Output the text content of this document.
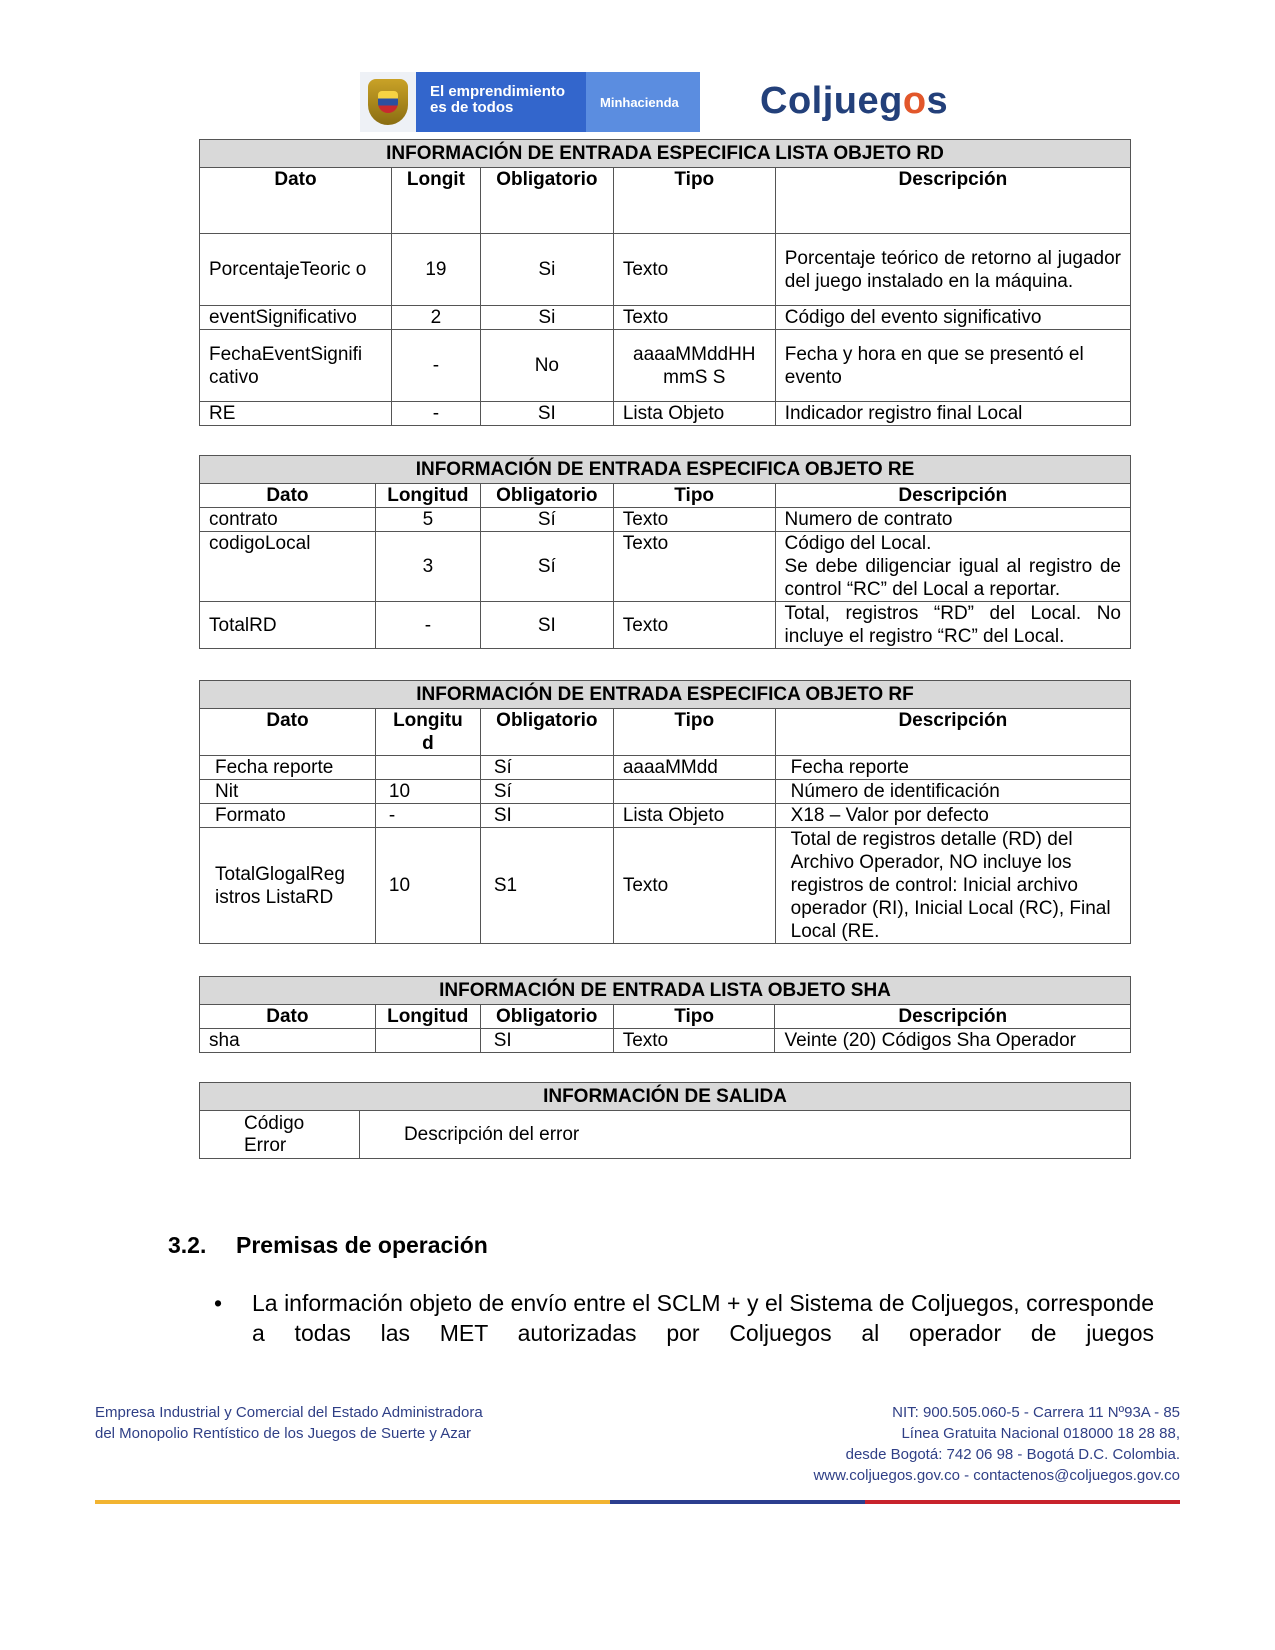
El emprendimiento
es de todos	Minhacienda	Coljuegos
INFORMACIÓN DE ENTRADA ESPECIFICA LISTA OBJETO RD				
Dato	Longit	Obligatorio	Tipo	Descripción
PorcentajeTeoric o	19	Si	Texto	Porcentaje teórico de retorno al jugador del juego instalado en la máquina.
eventSignificativo	2	Si	Texto	Código del evento significativo
FechaEventSignifi cativo	-	No	aaaaMMddHH mmS S	Fecha y hora en que se presentó el evento
RE	-	SI	Lista Objeto	Indicador registro final Local
INFORMACIÓN DE ENTRADA ESPECIFICA OBJETO RE				
Dato	Longitud	Obligatorio	Tipo	Descripción
contrato	5	Sí	Texto	Numero de contrato
codigoLocal	3	Sí	Texto	Código del Local.
Se debe diligenciar igual al registro de control “RC” del Local a reportar.

TotalRD	-	SI	Texto	Total, registros “RD” del Local. No incluye el registro “RC” del Local.
INFORMACIÓN DE ENTRADA ESPECIFICA OBJETO RF				
Dato	Longitu d	Obligatorio	Tipo	Descripción
Fecha reporte		Sí	aaaaMMdd	Fecha reporte
Nit	10	Sí		Número de identificación
Formato	-	SI	Lista Objeto	X18 – Valor por defecto
TotalGlogalReg istros ListaRD	10	S1	Texto	Total de registros detalle (RD) del Archivo Operador, NO incluye los registros de control: Inicial archivo operador (RI), Inicial Local (RC), Final Local (RE.
INFORMACIÓN DE ENTRADA LISTA OBJETO SHA				
Dato	Longitud	Obligatorio	Tipo	Descripción
sha		SI	Texto	Veinte (20) Códigos Sha Operador
INFORMACIÓN DE SALIDA
Código Error	Descripción del error
3.2. Premisas de operación
• La información objeto de envío entre el SCLM + y el Sistema de Coljuegos, corresponde a todas las MET autorizadas por Coljuegos al operador de juegos
Empresa Industrial y Comercial del Estado Administradora
del Monopolio Rentístico de los Juegos de Suerte y Azar
NIT: 900.505.060-5 - Carrera 11 Nº93A - 85
Línea Gratuita Nacional 018000 18 28 88,
desde Bogotá: 742 06 98 - Bogotá D.C. Colombia.
www.coljuegos.gov.co - contactenos@coljuegos.gov.co
